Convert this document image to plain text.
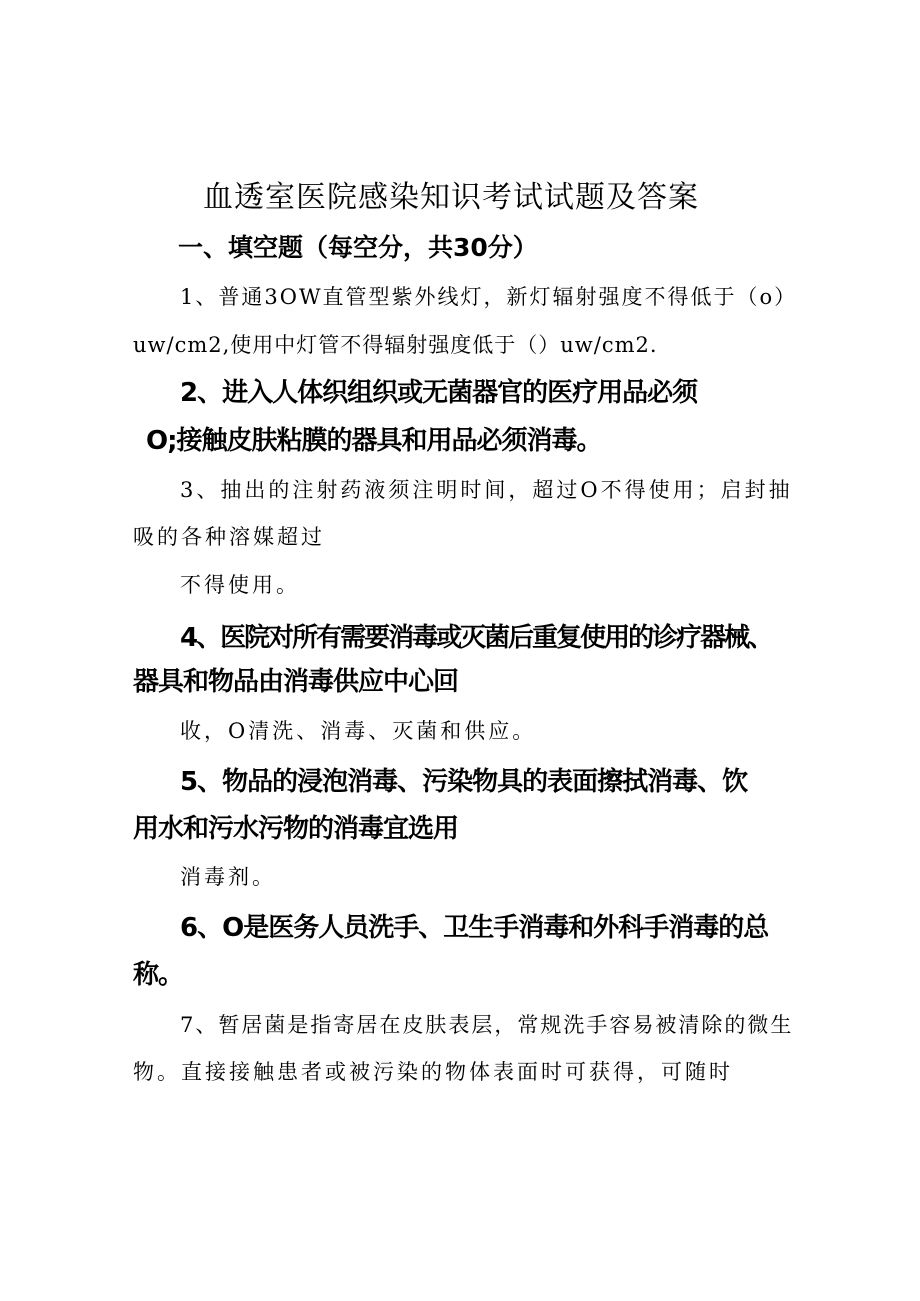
血透室医院感染知识考试试题及答案
一、填空题（每空分，共30分）
1、普通3OW直管型紫外线灯，新灯辐射强度不得低于（o）
uw/cm2,使用中灯管不得辐射强度低于（）uw/cm2.
2、进入人体织组织或无菌器官的医疗用品必须
O;接触皮肤粘膜的器具和用品必须消毒。
3、抽出的注射药液须注明时间，超过O不得使用；启封抽
吸的各种溶媒超过
不得使用。
4、医院对所有需要消毒或灭菌后重复使用的诊疗器械、
器具和物品由消毒供应中心回
收，O清洗、消毒、灭菌和供应。
5、物品的浸泡消毒、污染物具的表面擦拭消毒、饮
用水和污水污物的消毒宜选用
消毒剂。
6、O是医务人员洗手、卫生手消毒和外科手消毒的总
称。
7、暂居菌是指寄居在皮肤表层，常规洗手容易被清除的微生
物。直接接触患者或被污染的物体表面时可获得，可随时
